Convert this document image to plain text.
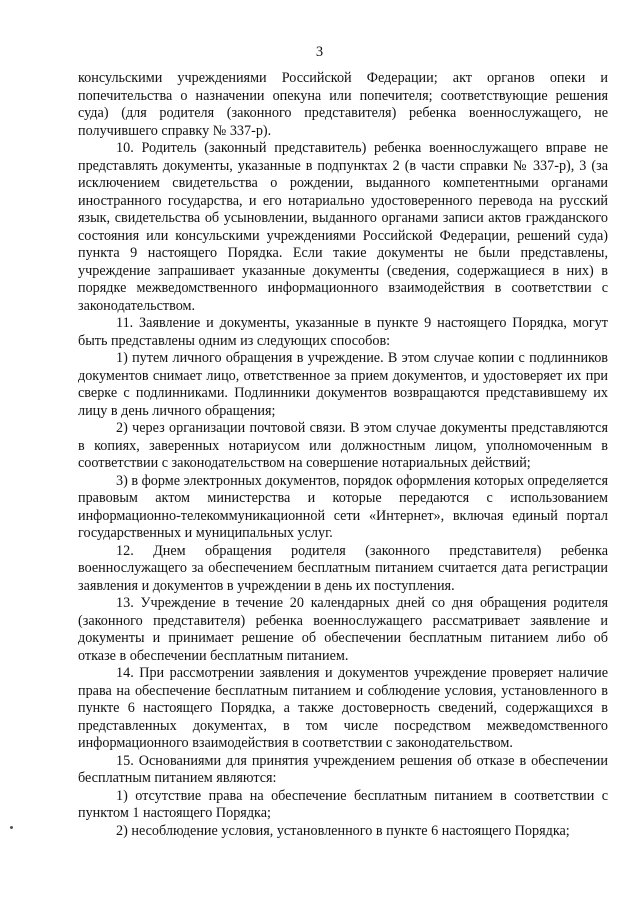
3

консульскими учреждениями Российской Федерации; акт органов опеки и попечительства о назначении опекуна или попечителя; соответствующие решения суда) (для родителя (законного представителя) ребенка военнослужащего, не получившего справку № 337-р).

10. Родитель (законный представитель) ребенка военнослужащего вправе не представлять документы, указанные в подпунктах 2 (в части справки № 337-р), 3 (за исключением свидетельства о рождении, выданного компетентными органами иностранного государства, и его нотариально удостоверенного перевода на русский язык, свидетельства об усыновлении, выданного органами записи актов гражданского состояния или консульскими учреждениями Российской Федерации, решений суда) пункта 9 настоящего Порядка. Если такие документы не были представлены, учреждение запрашивает указанные документы (сведения, содержащиеся в них) в порядке межведомственного информационного взаимодействия в соответствии с законодательством.

11. Заявление и документы, указанные в пункте 9 настоящего Порядка, могут быть представлены одним из следующих способов:

1) путем личного обращения в учреждение. В этом случае копии с подлинников документов снимает лицо, ответственное за прием документов, и удостоверяет их при сверке с подлинниками. Подлинники документов возвращаются представившему их лицу в день личного обращения;

2) через организации почтовой связи. В этом случае документы представляются в копиях, заверенных нотариусом или должностным лицом, уполномоченным в соответствии с законодательством на совершение нотариальных действий;

3) в форме электронных документов, порядок оформления которых определяется правовым актом министерства и которые передаются с использованием информационно-телекоммуникационной сети «Интернет», включая единый портал государственных и муниципальных услуг.

12. Днем обращения родителя (законного представителя) ребенка военнослужащего за обеспечением бесплатным питанием считается дата регистрации заявления и документов в учреждении в день их поступления.

13. Учреждение в течение 20 календарных дней со дня обращения родителя (законного представителя) ребенка военнослужащего рассматривает заявление и документы и принимает решение об обеспечении бесплатным питанием либо об отказе в обеспечении бесплатным питанием.

14. При рассмотрении заявления и документов учреждение проверяет наличие права на обеспечение бесплатным питанием и соблюдение условия, установленного в пункте 6 настоящего Порядка, а также достоверность сведений, содержащихся в представленных документах, в том числе посредством межведомственного информационного взаимодействия в соответствии с законодательством.

15. Основаниями для принятия учреждением решения об отказе в обеспечении бесплатным питанием являются:

1) отсутствие права на обеспечение бесплатным питанием в соответствии с пунктом 1 настоящего Порядка;

2) несоблюдение условия, установленного в пункте 6 настоящего Порядка;
